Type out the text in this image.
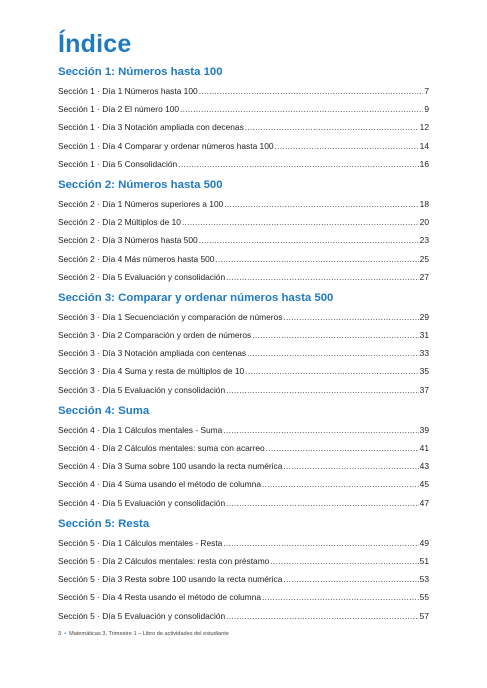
Índice
Sección 1: Números hasta 100
Sección 1 · Día 1 Números hasta 100 .....	7
Sección 1 · Día 2 El número 100 .....	9
Sección 1 · Día 3 Notación ampliada con decenas .....	12
Sección 1 · Día 4 Comparar y ordenar números hasta 100 .....	14
Sección 1 · Día 5 Consolidación .....	16
Sección 2: Números hasta 500
Sección 2 · Día 1 Números superiores a 100 .....	18
Sección 2 · Día 2 Múltiplos de 10 .....	20
Sección 2 · Día 3 Números hasta 500 .....	23
Sección 2 · Día 4 Más números hasta 500 .....	25
Sección 2 · Día 5 Evaluación y consolidación .....	27
Sección 3: Comparar y ordenar números hasta 500
Sección 3 · Día 1 Secuenciación y comparación de números .....	29
Sección 3 · Día 2 Comparación y orden de números .....	31
Sección 3 · Día 3 Notación ampliada con centenas .....	33
Sección 3 · Día 4 Suma y resta de múltiplos de 10 .....	35
Sección 3 · Día 5 Evaluación y consolidación .....	37
Sección 4: Suma
Sección 4 · Día 1 Cálculos mentales - Suma .....	39
Sección 4 · Día 2 Cálculos mentales: suma con acarreo .....	41
Sección 4 · Día 3 Suma sobre 100 usando la recta numérica .....	43
Sección 4 · Día 4 Suma usando el método de columna .....	45
Sección 4 · Día 5 Evaluación y consolidación .....	47
Sección 5: Resta
Sección 5 · Día 1 Cálculos mentales - Resta .....	49
Sección 5 · Día 2 Cálculos mentales: resta con préstamo .....	51
Sección 5 · Día 3 Resta sobre 100 usando la recta numérica .....	53
Sección 5 · Día 4 Resta usando el método de columna .....	55
Sección 5 · Día 5 Evaluación y consolidación .....	57
3 • Matemáticas 3, Trimestre 1 – Libro de actividades del estudiante
